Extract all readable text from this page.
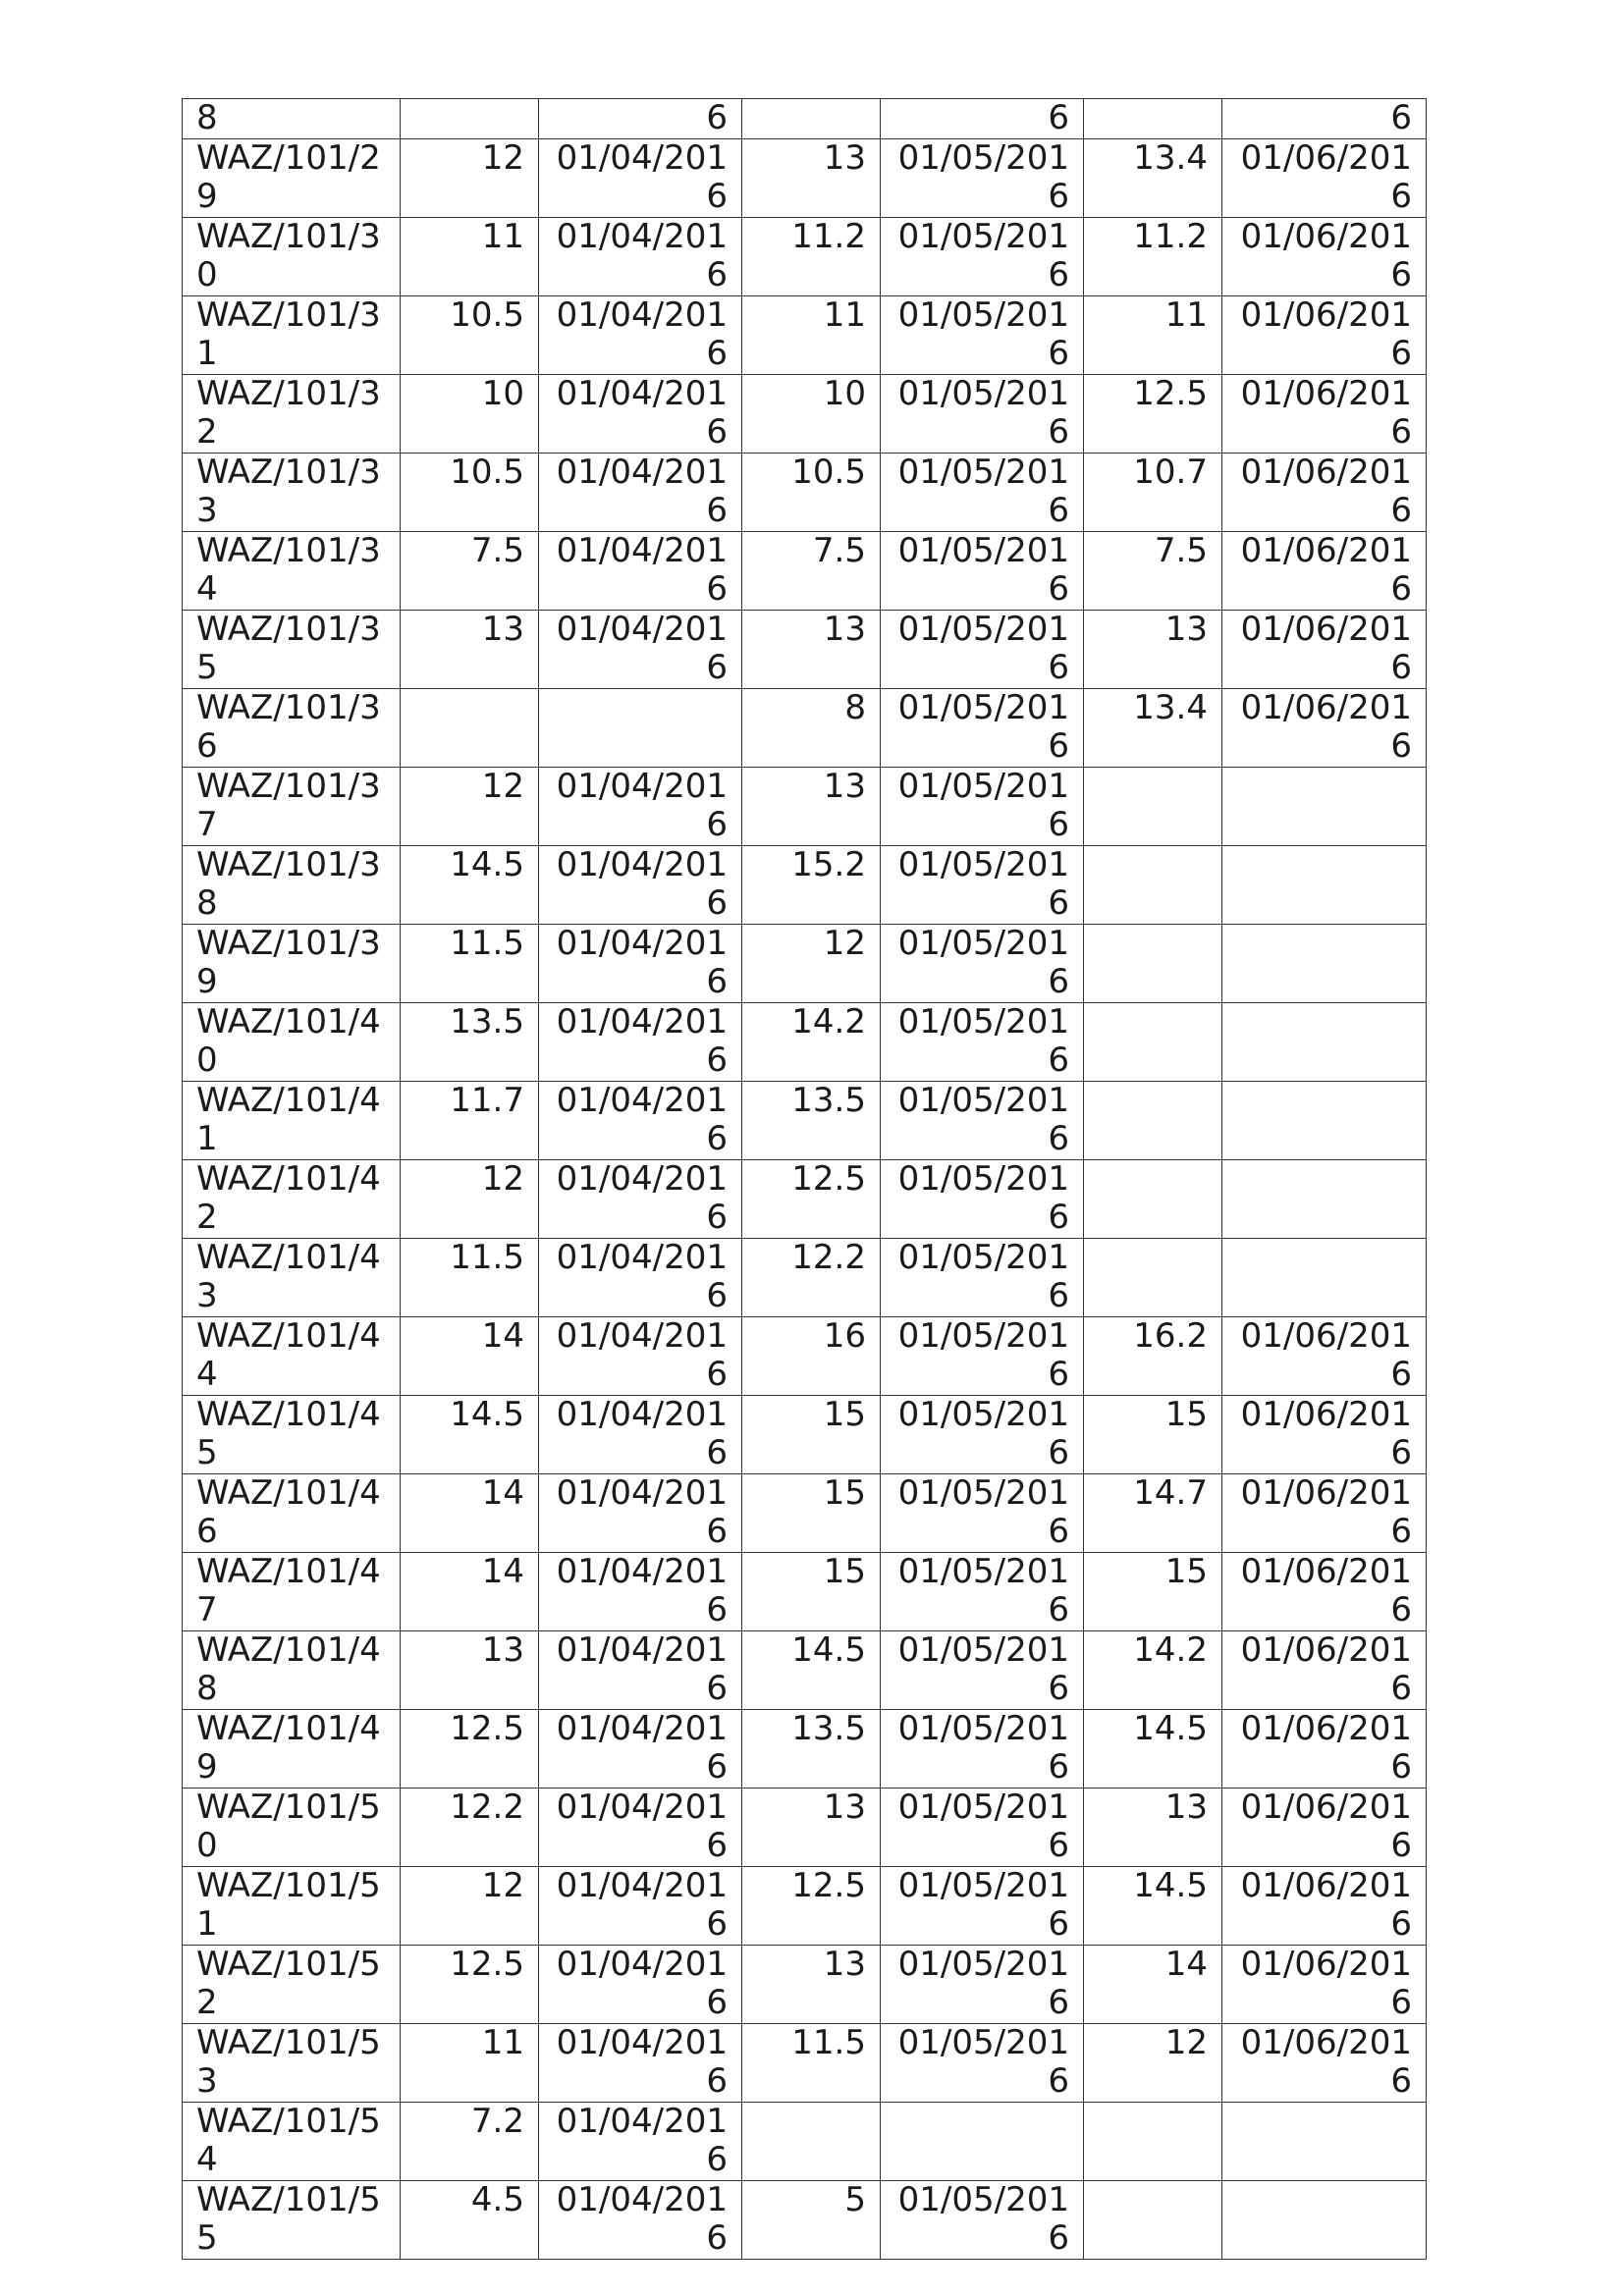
8		6		6		6
WAZ/101/29	12	01/04/2016	13	01/05/2016	13.4	01/06/2016
WAZ/101/30	11	01/04/2016	11.2	01/05/2016	11.2	01/06/2016
WAZ/101/31	10.5	01/04/2016	11	01/05/2016	11	01/06/2016
WAZ/101/32	10	01/04/2016	10	01/05/2016	12.5	01/06/2016
WAZ/101/33	10.5	01/04/2016	10.5	01/05/2016	10.7	01/06/2016
WAZ/101/34	7.5	01/04/2016	7.5	01/05/2016	7.5	01/06/2016
WAZ/101/35	13	01/04/2016	13	01/05/2016	13	01/06/2016
WAZ/101/36			8	01/05/2016	13.4	01/06/2016
WAZ/101/37	12	01/04/2016	13	01/05/2016		
WAZ/101/38	14.5	01/04/2016	15.2	01/05/2016		
WAZ/101/39	11.5	01/04/2016	12	01/05/2016		
WAZ/101/40	13.5	01/04/2016	14.2	01/05/2016		
WAZ/101/41	11.7	01/04/2016	13.5	01/05/2016		
WAZ/101/42	12	01/04/2016	12.5	01/05/2016		
WAZ/101/43	11.5	01/04/2016	12.2	01/05/2016		
WAZ/101/44	14	01/04/2016	16	01/05/2016	16.2	01/06/2016
WAZ/101/45	14.5	01/04/2016	15	01/05/2016	15	01/06/2016
WAZ/101/46	14	01/04/2016	15	01/05/2016	14.7	01/06/2016
WAZ/101/47	14	01/04/2016	15	01/05/2016	15	01/06/2016
WAZ/101/48	13	01/04/2016	14.5	01/05/2016	14.2	01/06/2016
WAZ/101/49	12.5	01/04/2016	13.5	01/05/2016	14.5	01/06/2016
WAZ/101/50	12.2	01/04/2016	13	01/05/2016	13	01/06/2016
WAZ/101/51	12	01/04/2016	12.5	01/05/2016	14.5	01/06/2016
WAZ/101/52	12.5	01/04/2016	13	01/05/2016	14	01/06/2016
WAZ/101/53	11	01/04/2016	11.5	01/05/2016	12	01/06/2016
WAZ/101/54	7.2	01/04/2016				
WAZ/101/55	4.5	01/04/2016	5	01/05/2016		
